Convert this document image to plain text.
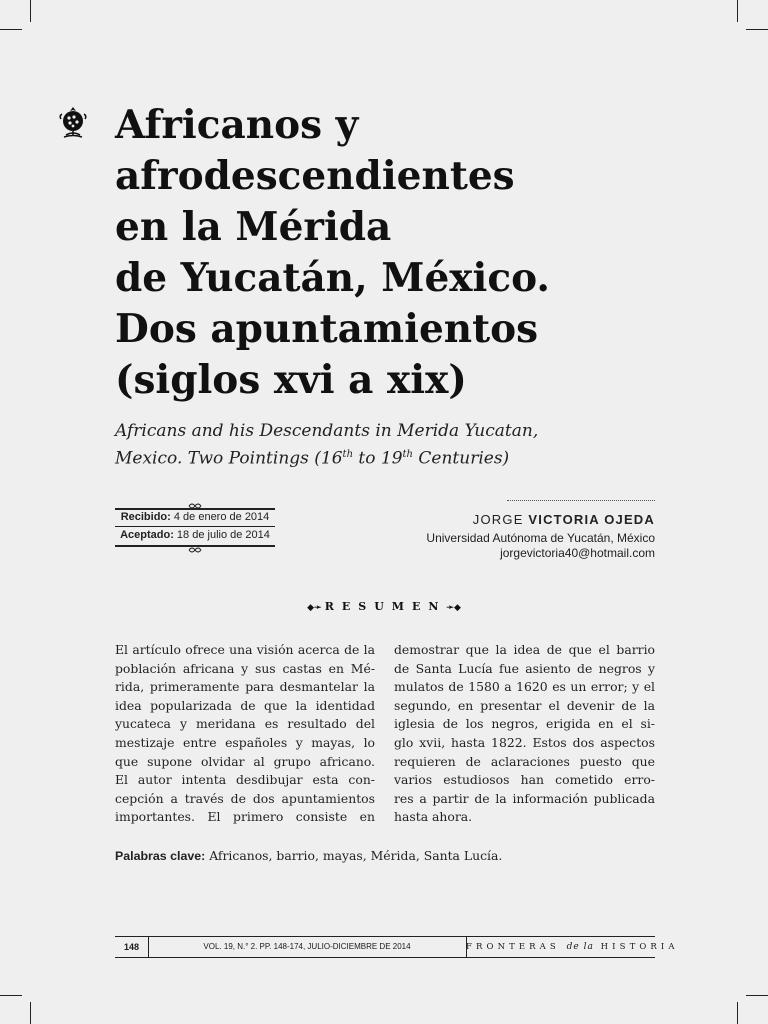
Africanos y
afrodescendientes
en la Mérida
de Yucatán, México.
Dos apuntamientos
(siglos xvi a xix)
Africans and his Descendants in Merida Yucatan,
Mexico. Two Pointings (16th to 19th Centuries)
Recibido: 4 de enero de 2014
Aceptado: 18 de julio de 2014
JORGE VICTORIA OJEDA
Universidad Autónoma de Yucatán, México
jorgevictoria40@hotmail.com
◆➛ RESUMEN➛◆
El artículo ofrece una visión acerca de la
población africana y sus castas en Mé-
rida, primeramente para desmantelar la
idea popularizada de que la identidad
yucateca y meridana es resultado del
mestizaje entre españoles y mayas, lo
que supone olvidar al grupo africano.
El autor intenta desdibujar esta con-
cepción a través de dos apuntamientos
importantes. El primero consiste en
demostrar que la idea de que el barrio
de Santa Lucía fue asiento de negros y
mulatos de 1580 a 1620 es un error; y el
segundo, en presentar el devenir de la
iglesia de los negros, erigida en el si-
glo xvii, hasta 1822. Estos dos aspectos
requieren de aclaraciones puesto que
varios estudiosos han cometido erro-
res a partir de la información publicada
hasta ahora.
Palabras clave: Africanos, barrio, mayas, Mérida, Santa Lucía.
148	VOL. 19, N.° 2. PP. 148-174, JULIO-DICIEMBRE DE 2014	FRONTERAS de la HISTORIA
